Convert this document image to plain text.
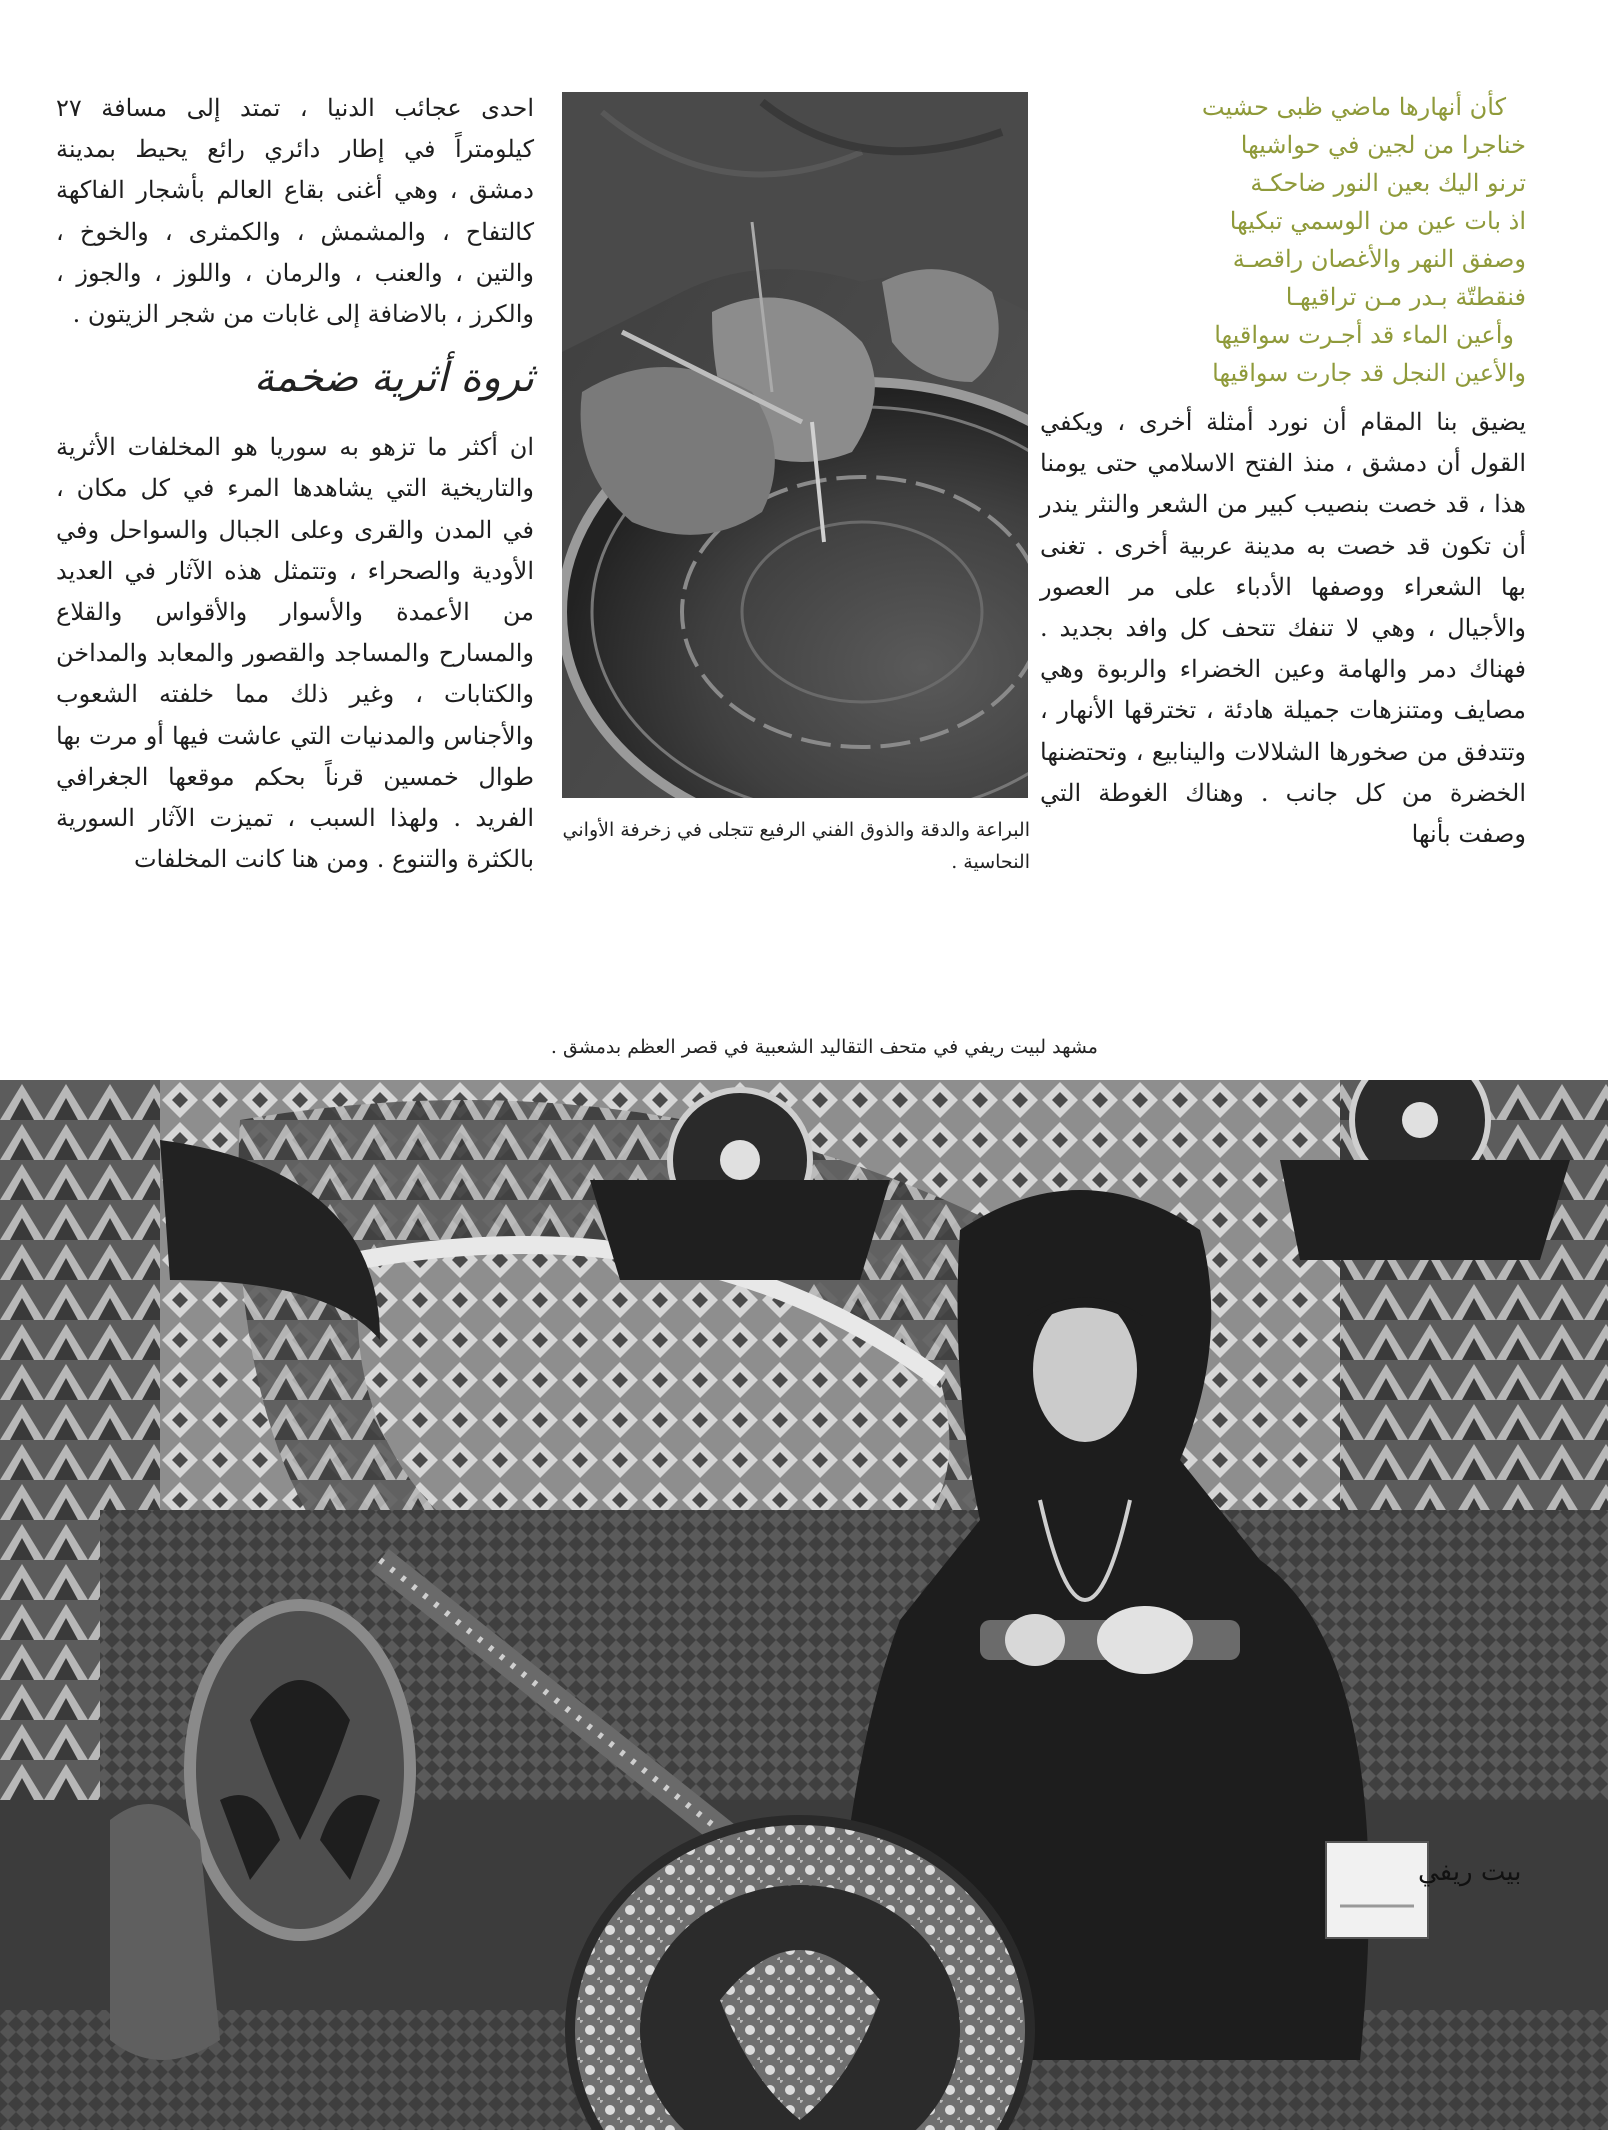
كأن أنهارها ماضي ظبى حشيت
خناجرا من لجين في حواشيها
ترنو اليك بعين النور ضاحكـة
اذ بات عين من الوسمي تبكيها
وصفق النهر والأغصان راقصـة
فنقطتّة بـدر مـن تراقيهـا
وأعين الماء قد أجـرت سواقيها
والأعين النجل قد جارت سواقيها

يضيق بنا المقام أن نورد أمثلة أخرى ، ويكفي القول أن دمشق ، منذ الفتح الاسلامي حتى يومنا هذا ، قد خصت بنصيب كبير من الشعر والنثر يندر أن تكون قد خصت به مدينة عربية أخرى . تغنى بها الشعراء ووصفها الأدباء على مر العصور والأجيال ، وهي لا تنفك تتحف كل وافد بجديد . فهناك دمر والهامة وعين الخضراء والربوة وهي مصايف ومتنزهات جميلة هادئة ، تخترقها الأنهار ، وتتدفق من صخورها الشلالات والينابيع ، وتحتضنها الخضرة من كل جانب . وهناك الغوطة التي وصفت بأنها

احدى عجائب الدنيا ، تمتد إلى مسافة ٢٧ كيلومتراً في إطار دائري رائع يحيط بمدينة دمشق ، وهي أغنى بقاع العالم بأشجار الفاكهة كالتفاح ، والمشمش ، والكمثرى ، والخوخ ، والتين ، والعنب ، والرمان ، واللوز ، والجوز ، والكرز ، بالاضافة إلى غابات من شجر الزيتون .

ثروة أثرية ضخمة

ان أكثر ما تزهو به سوريا هو المخلفات الأثرية والتاريخية التي يشاهدها المرء في كل مكان ، في المدن والقرى وعلى الجبال والسواحل وفي الأودية والصحراء ، وتتمثل هذه الآثار في العديد من الأعمدة والأسوار والأقواس والقلاع والمسارح والمساجد والقصور والمعابد والمداخن والكتابات ، وغير ذلك مما خلفته الشعوب والأجناس والمدنيات التي عاشت فيها أو مرت بها طوال خمسين قرناً بحكم موقعها الجغرافي الفريد . ولهذا السبب ، تميزت الآثار السورية بالكثرة والتنوع . ومن هنا كانت المخلفات

البراعة والدقة والذوق الفني الرفيع تتجلى في زخرفة الأواني النحاسية .
مشهد لبيت ريفي في متحف التقاليد الشعبية في قصر العظم بدمشق .
بيت ريفي
